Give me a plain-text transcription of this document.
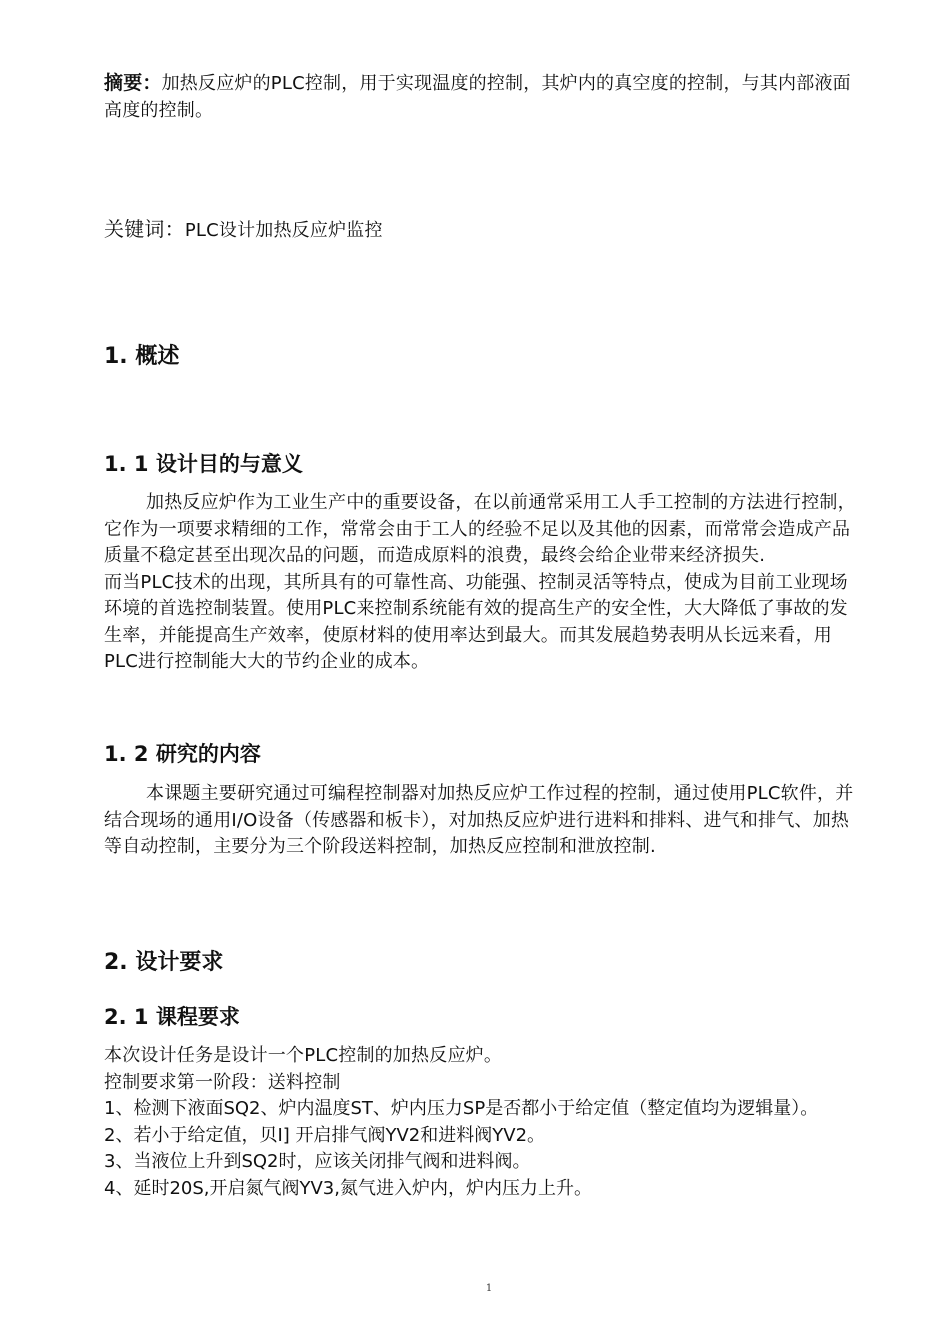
摘要：加热反应炉的PLC控制，用于实现温度的控制，其炉内的真空度的控制，与其内部液面高度的控制。

关键词：PLC设计加热反应炉监控

1. 概述
1. 1 设计目的与意义

加热反应炉作为工业生产中的重要设备，在以前通常采用工人手工控制的方法进行控制，它作为一项要求精细的工作，常常会由于工人的经验不足以及其他的因素，而常常会造成产品质量不稳定甚至出现次品的问题，而造成原料的浪费，最终会给企业带来经济损失.

而当PLC技术的出现，其所具有的可靠性高、功能强、控制灵活等特点，使成为目前工业现场环境的首选控制装置。使用PLC来控制系统能有效的提高生产的安全性，大大降低了事故的发生率，并能提高生产效率，使原材料的使用率达到最大。而其发展趋势表明从长远来看，用PLC进行控制能大大的节约企业的成本。

1. 2 研究的内容

本课题主要研究通过可编程控制器对加热反应炉工作过程的控制，通过使用PLC软件，并结合现场的通用I/O设备（传感器和板卡），对加热反应炉进行进料和排料、进气和排气、加热等自动控制，主要分为三个阶段送料控制，加热反应控制和泄放控制.

2. 设计要求
2. 1 课程要求

本次设计任务是设计一个PLC控制的加热反应炉。

控制要求第一阶段：送料控制

1、检测下液面SQ2、炉内温度ST、炉内压力SP是否都小于给定值（整定值均为逻辑量）。
2、若小于给定值，贝I] 开启排气阀YV2和进料阀YV2。
3、当液位上升到SQ2时，应该关闭排气阀和进料阀。
4、延时20S,开启氮气阀YV3,氮气进入炉内，炉内压力上升。
1
